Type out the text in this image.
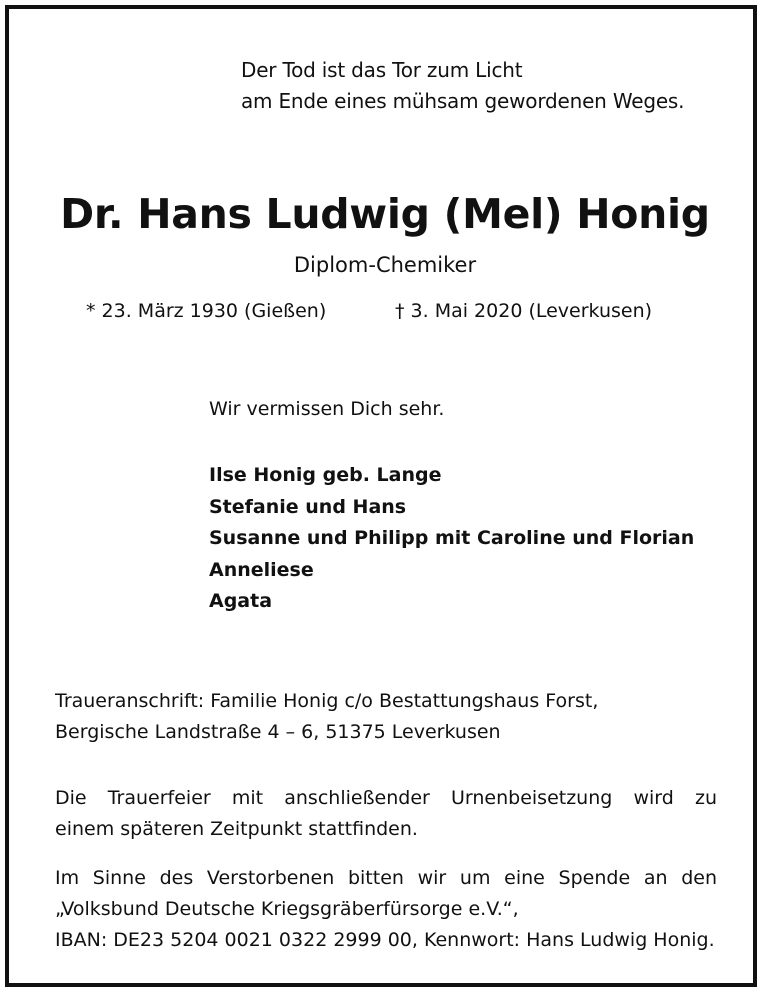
Der Tod ist das Tor zum Licht
am Ende eines mühsam gewordenen Weges.
Dr. Hans Ludwig (Mel) Honig
Diplom-Chemiker
* 23. März 1930 (Gießen)	† 3. Mai 2020 (Leverkusen)
Wir vermissen Dich sehr.
Ilse Honig geb. Lange
Stefanie und Hans
Susanne und Philipp mit Caroline und Florian
Anneliese
Agata
Traueranschrift: Familie Honig c/o Bestattungshaus Forst,
Bergische Landstraße 4 – 6, 51375 Leverkusen
Die Trauerfeier mit anschließender Urnenbeisetzung wird zu
einem späteren Zeitpunkt stattfinden.
Im Sinne des Verstorbenen bitten wir um eine Spende an den
„Volksbund Deutsche Kriegsgräberfürsorge e.V.“,
IBAN: DE23 5204 0021 0322 2999 00, Kennwort: Hans Ludwig Honig.
